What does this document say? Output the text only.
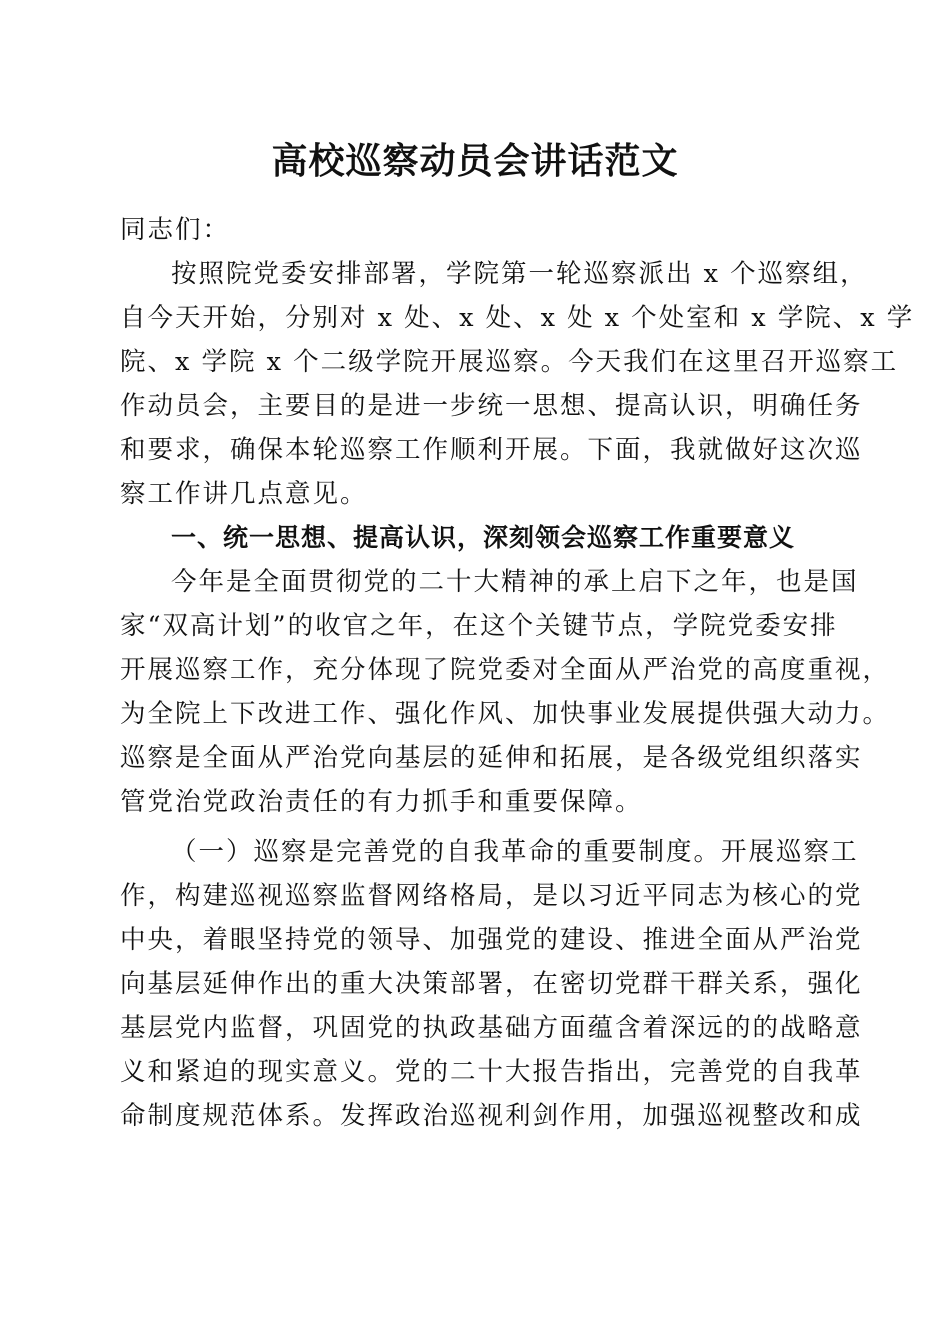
高校巡察动员会讲话范文
同志们：
按照院党委安排部署，学院第一轮巡察派出 x 个巡察组，
自今天开始，分别对 x 处、x 处、x 处 x 个处室和 x 学院、x 学
院、x 学院 x 个二级学院开展巡察。今天我们在这里召开巡察工
作动员会，主要目的是进一步统一思想、提高认识，明确任务
和要求，确保本轮巡察工作顺利开展。下面，我就做好这次巡
察工作讲几点意见。
一、统一思想、提高认识，深刻领会巡察工作重要意义
今年是全面贯彻党的二十大精神的承上启下之年，也是国
家“双高计划”的收官之年，在这个关键节点，学院党委安排
开展巡察工作，充分体现了院党委对全面从严治党的高度重视，
为全院上下改进工作、强化作风、加快事业发展提供强大动力。
巡察是全面从严治党向基层的延伸和拓展，是各级党组织落实
管党治党政治责任的有力抓手和重要保障。
（一）巡察是完善党的自我革命的重要制度。开展巡察工
作，构建巡视巡察监督网络格局，是以习近平同志为核心的党
中央，着眼坚持党的领导、加强党的建设、推进全面从严治党
向基层延伸作出的重大决策部署，在密切党群干群关系，强化
基层党内监督，巩固党的执政基础方面蕴含着深远的的战略意
义和紧迫的现实意义。党的二十大报告指出，完善党的自我革
命制度规范体系。发挥政治巡视利剑作用，加强巡视整改和成
